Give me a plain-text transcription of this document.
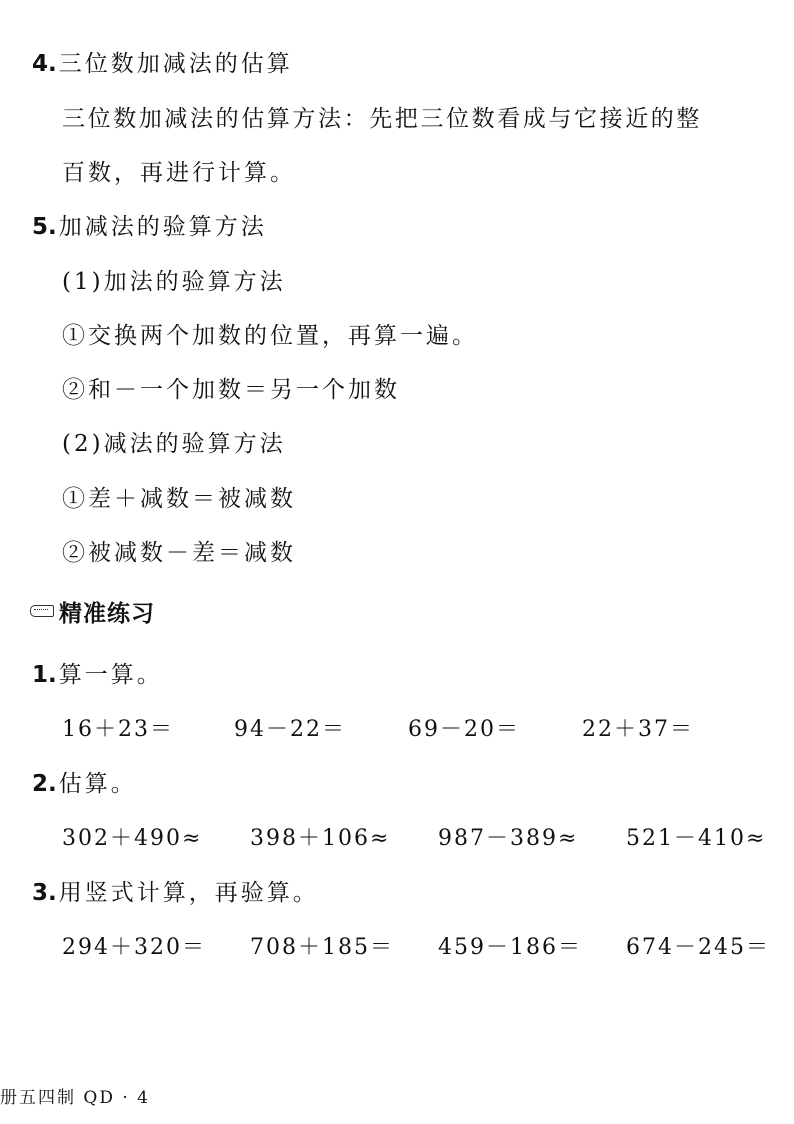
4.三位数加减法的估算
三位数加减法的估算方法：先把三位数看成与它接近的整
百数，再进行计算。
5.加减法的验算方法
(1)加法的验算方法
①交换两个加数的位置，再算一遍。
②和－一个加数＝另一个加数
(2)减法的验算方法
①差＋减数＝被减数
②被减数－差＝减数
精准练习
1.算一算。
16＋23＝	94－22＝	69－20＝	22＋37＝
2.估算。
302＋490≈ 398＋106≈ 987－389≈ 521－410≈
3.用竖式计算，再验算。
294＋320＝ 708＋185＝ 459－186＝ 674－245＝
册五四制 QD · 4
